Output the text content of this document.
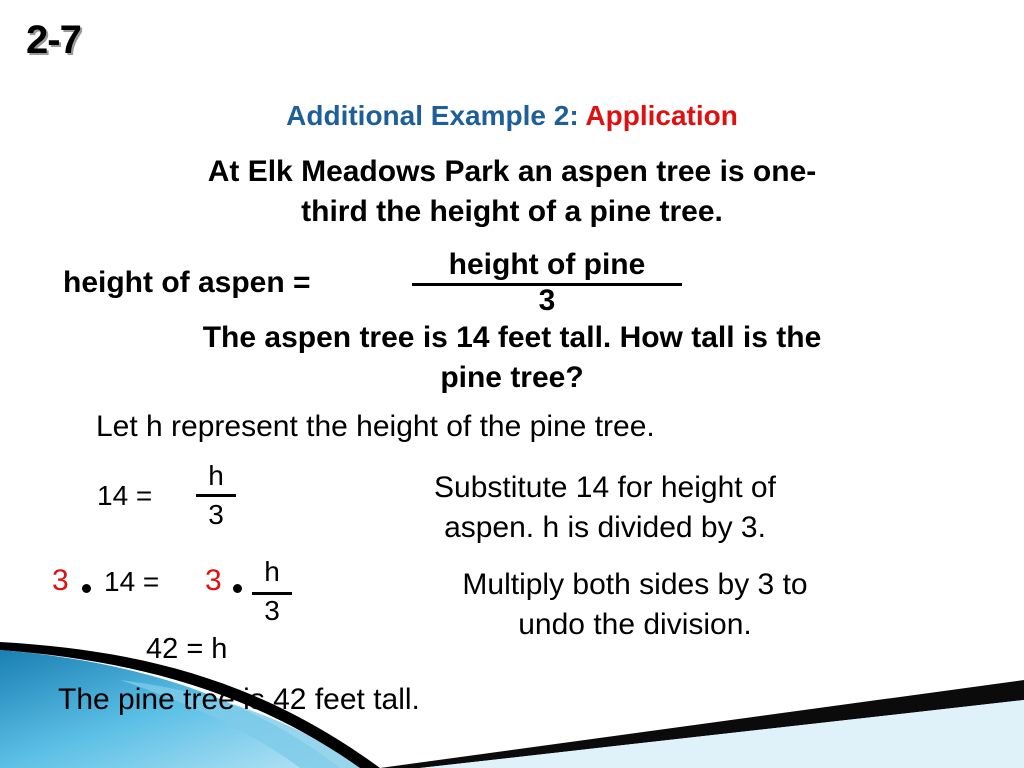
2-7
Additional Example 2: Application
At Elk Meadows Park an aspen tree is one-
third the height of a pine tree.
height of aspen =
height of pine
3
The aspen tree is 14 feet tall. How tall is the
pine tree?
Let h represent the height of the pine tree.
14 =
h
3
Substitute 14 for height of
aspen. h is divided by 3.
3 14 = 3	h
3
Multiply both sides by 3 to
undo the division.
42 = h
The pine tree is 42 feet tall.
